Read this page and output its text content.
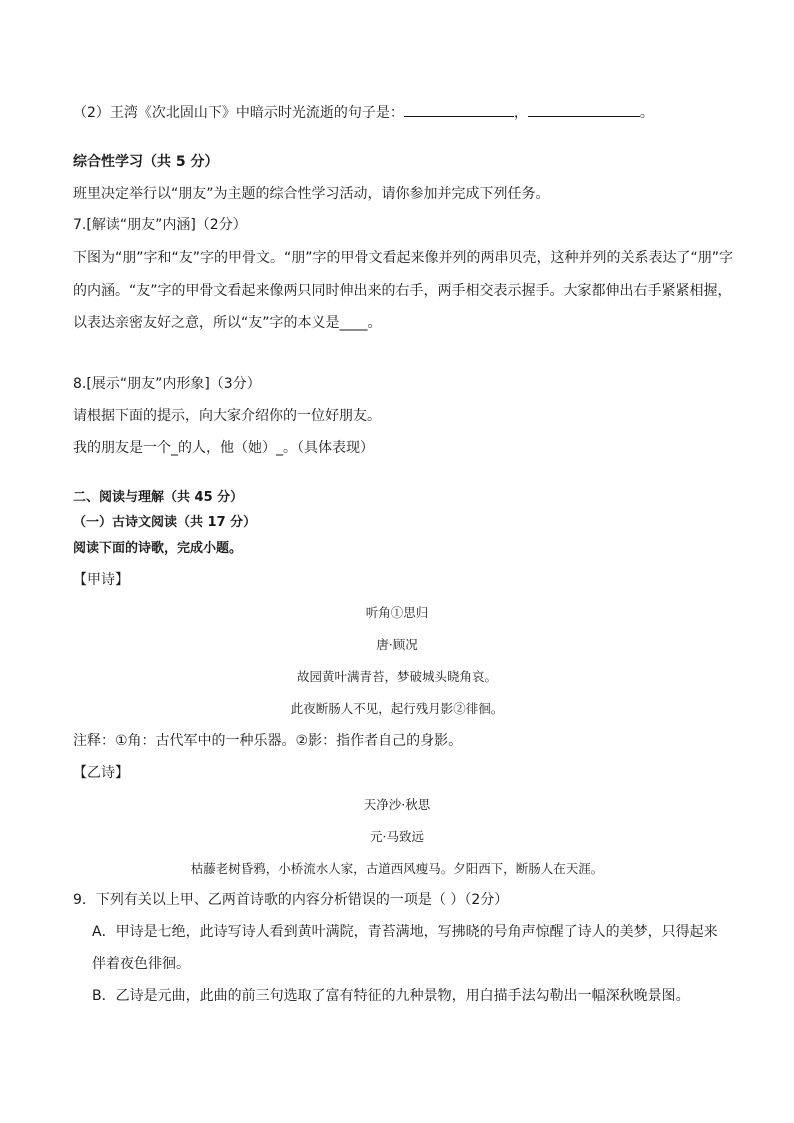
（2）王湾《次北固山下》中暗示时光流逝的句子是：	，	。
综合性学习（共 5 分）
班里决定举行以“朋友”为主题的综合性学习活动，请你参加并完成下列任务。
7.[解读“朋友”内涵]（2分）
下图为“朋”字和“友”字的甲骨文。“朋”字的甲骨文看起来像并列的两串贝壳，这种并列的关系表达了“朋”字
的内涵。“友”字的甲骨文看起来像两只同时伸出来的右手，两手相交表示握手。大家都伸出右手紧紧相握，
以表达亲密友好之意，所以“友”字的本义是____。
8.[展示“朋友”内形象]（3分）
请根据下面的提示，向大家介绍你的一位好朋友。
我的朋友是一个_的人，他（她）_。（具体表现）
二、阅读与理解（共 45 分）
（一）古诗文阅读（共 17 分）
阅读下面的诗歌，完成小题。
【甲诗】
听角①思归
唐·顾况
故园黄叶满青苔，梦破城头晓角哀。
此夜断肠人不见，起行残月影②徘徊。
注释：①角：古代军中的一种乐器。②影：指作者自己的身影。
【乙诗】
天净沙·秋思
元·马致远
枯藤老树昏鸦，小桥流水人家，古道西风瘦马。夕阳西下，断肠人在天涯。
9．下列有关以上甲、乙两首诗歌的内容分析错误的一项是（ ）（2分）
A．甲诗是七绝，此诗写诗人看到黄叶满院，青苔满地，写拂晓的号角声惊醒了诗人的美梦，只得起来
伴着夜色徘徊。
B．乙诗是元曲，此曲的前三句选取了富有特征的九种景物，用白描手法勾勒出一幅深秋晚景图。
